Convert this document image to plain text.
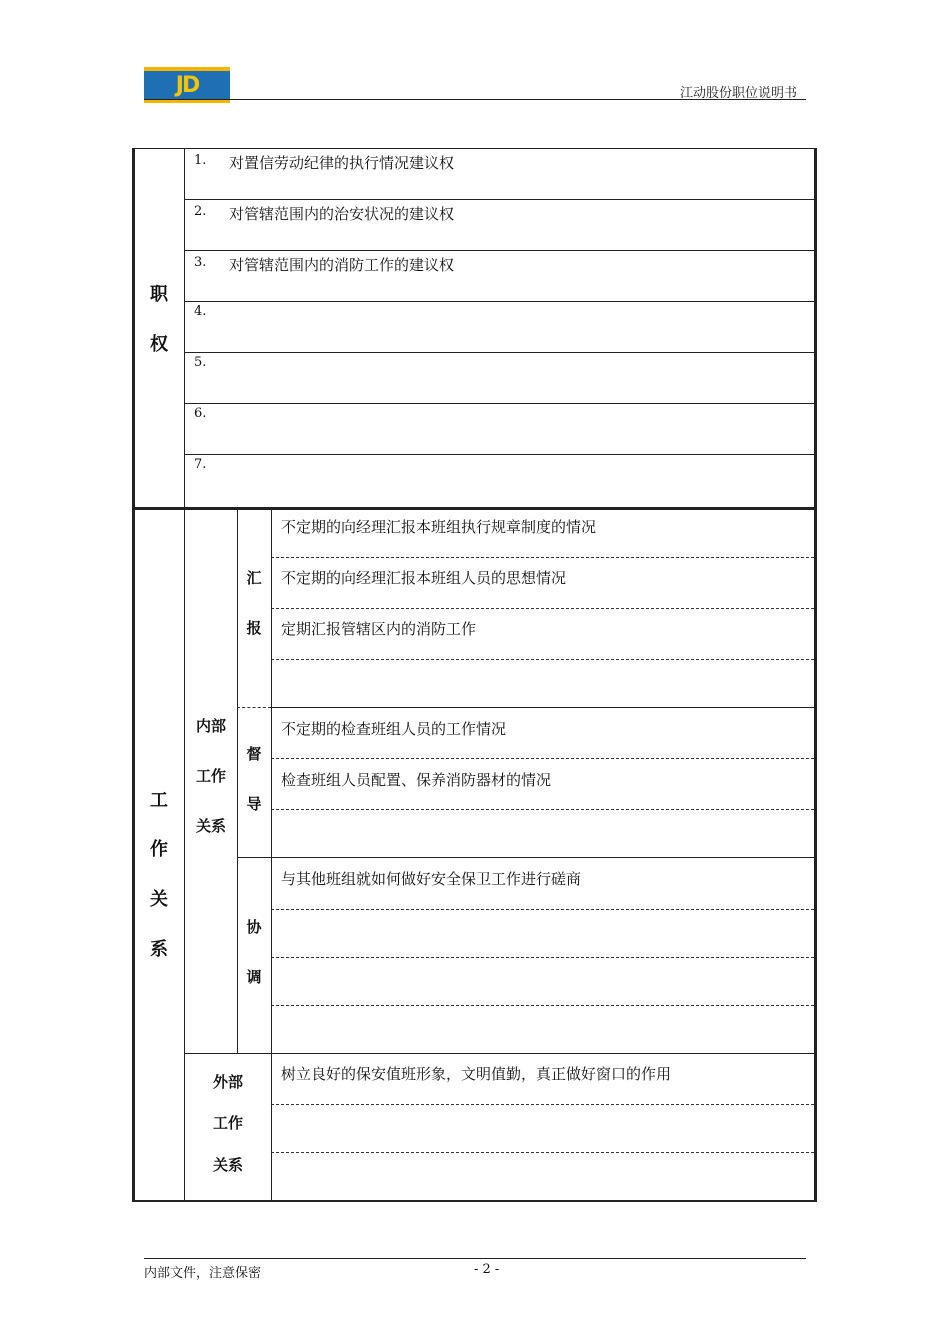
JD	江动股份职位说明书
职
权
1. 对置信劳动纪律的执行情况建议权
2. 对管辖范围内的治安状况的建议权
3. 对管辖范围内的消防工作的建议权
4.
5.
6.
7.
工
作
关
系
内部
工作
关系
汇
报
不定期的向经理汇报本班组执行规章制度的情况
不定期的向经理汇报本班组人员的思想情况
定期汇报管辖区内的消防工作
督
导
不定期的检查班组人员的工作情况
检查班组人员配置、保养消防器材的情况
协
调
与其他班组就如何做好安全保卫工作进行磋商
外部
工作
关系
树立良好的保安值班形象，文明值勤，真正做好窗口的作用
内部文件，注意保密	- 2 -
